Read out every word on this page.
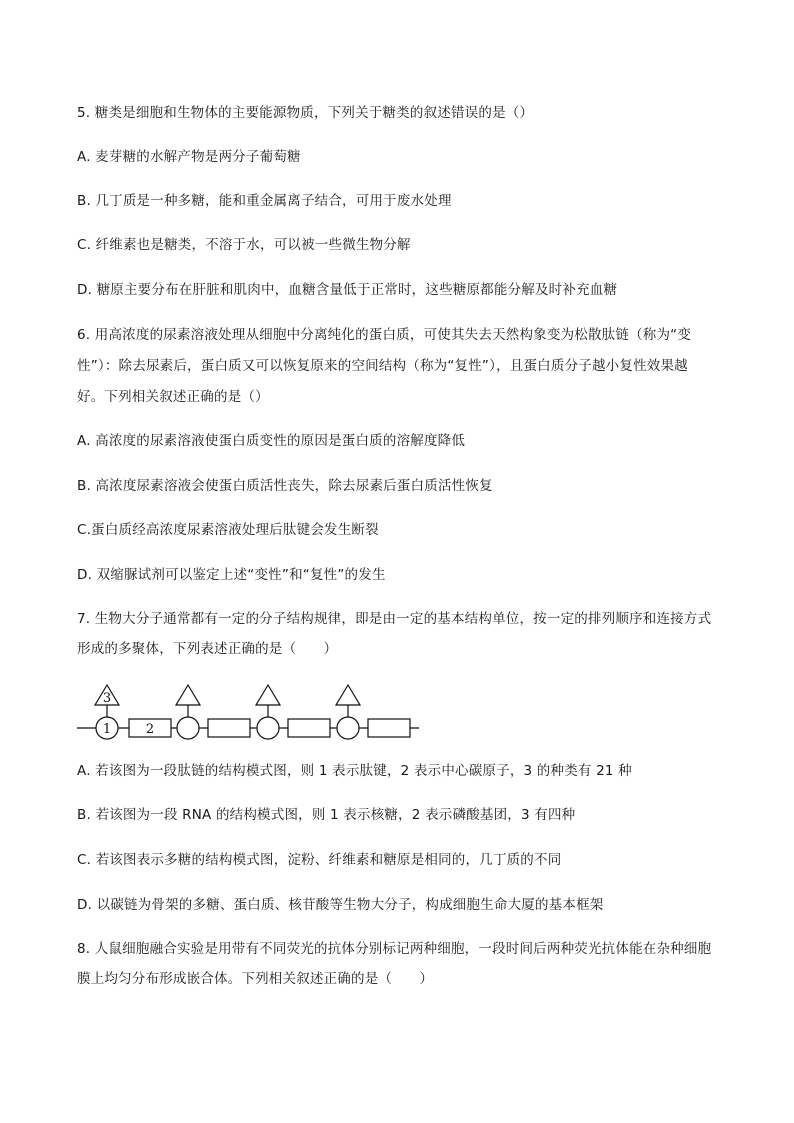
5. 糖类是细胞和生物体的主要能源物质，下列关于糖类的叙述错误的是（）
A. 麦芽糖的水解产物是两分子葡萄糖
B. 几丁质是一种多糖，能和重金属离子结合，可用于废水处理
C. 纤维素也是糖类，不溶于水，可以被一些微生物分解
D. 糖原主要分布在肝脏和肌肉中，血糖含量低于正常时，这些糖原都能分解及时补充血糖
6. 用高浓度的尿素溶液处理从细胞中分离纯化的蛋白质，可使其失去天然构象变为松散肽链（称为“变
性”）：除去尿素后，蛋白质又可以恢复原来的空间结构（称为“复性”），且蛋白质分子越小复性效果越
好。下列相关叙述正确的是（）
A. 高浓度的尿素溶液使蛋白质变性的原因是蛋白质的溶解度降低
B. 高浓度尿素溶液会使蛋白质活性丧失，除去尿素后蛋白质活性恢复
C.蛋白质经高浓度尿素溶液处理后肽键会发生断裂
D. 双缩脲试剂可以鉴定上述“变性”和“复性”的发生
7. 生物大分子通常都有一定的分子结构规律，即是由一定的基本结构单位，按一定的排列顺序和连接方式
形成的多聚体，下列表述正确的是（　　）
3
1	2
A. 若该图为一段肽链的结构模式图，则 1 表示肽键，2 表示中心碳原子，3 的种类有 21 种
B. 若该图为一段 RNA 的结构模式图，则 1 表示核糖，2 表示磷酸基团，3 有四种
C. 若该图表示多糖的结构模式图，淀粉、纤维素和糖原是相同的，几丁质的不同
D. 以碳链为骨架的多糖、蛋白质、核苷酸等生物大分子，构成细胞生命大厦的基本框架
8. 人鼠细胞融合实验是用带有不同荧光的抗体分别标记两种细胞，一段时间后两种荧光抗体能在杂种细胞
膜上均匀分布形成嵌合体。下列相关叙述正确的是（　　）
